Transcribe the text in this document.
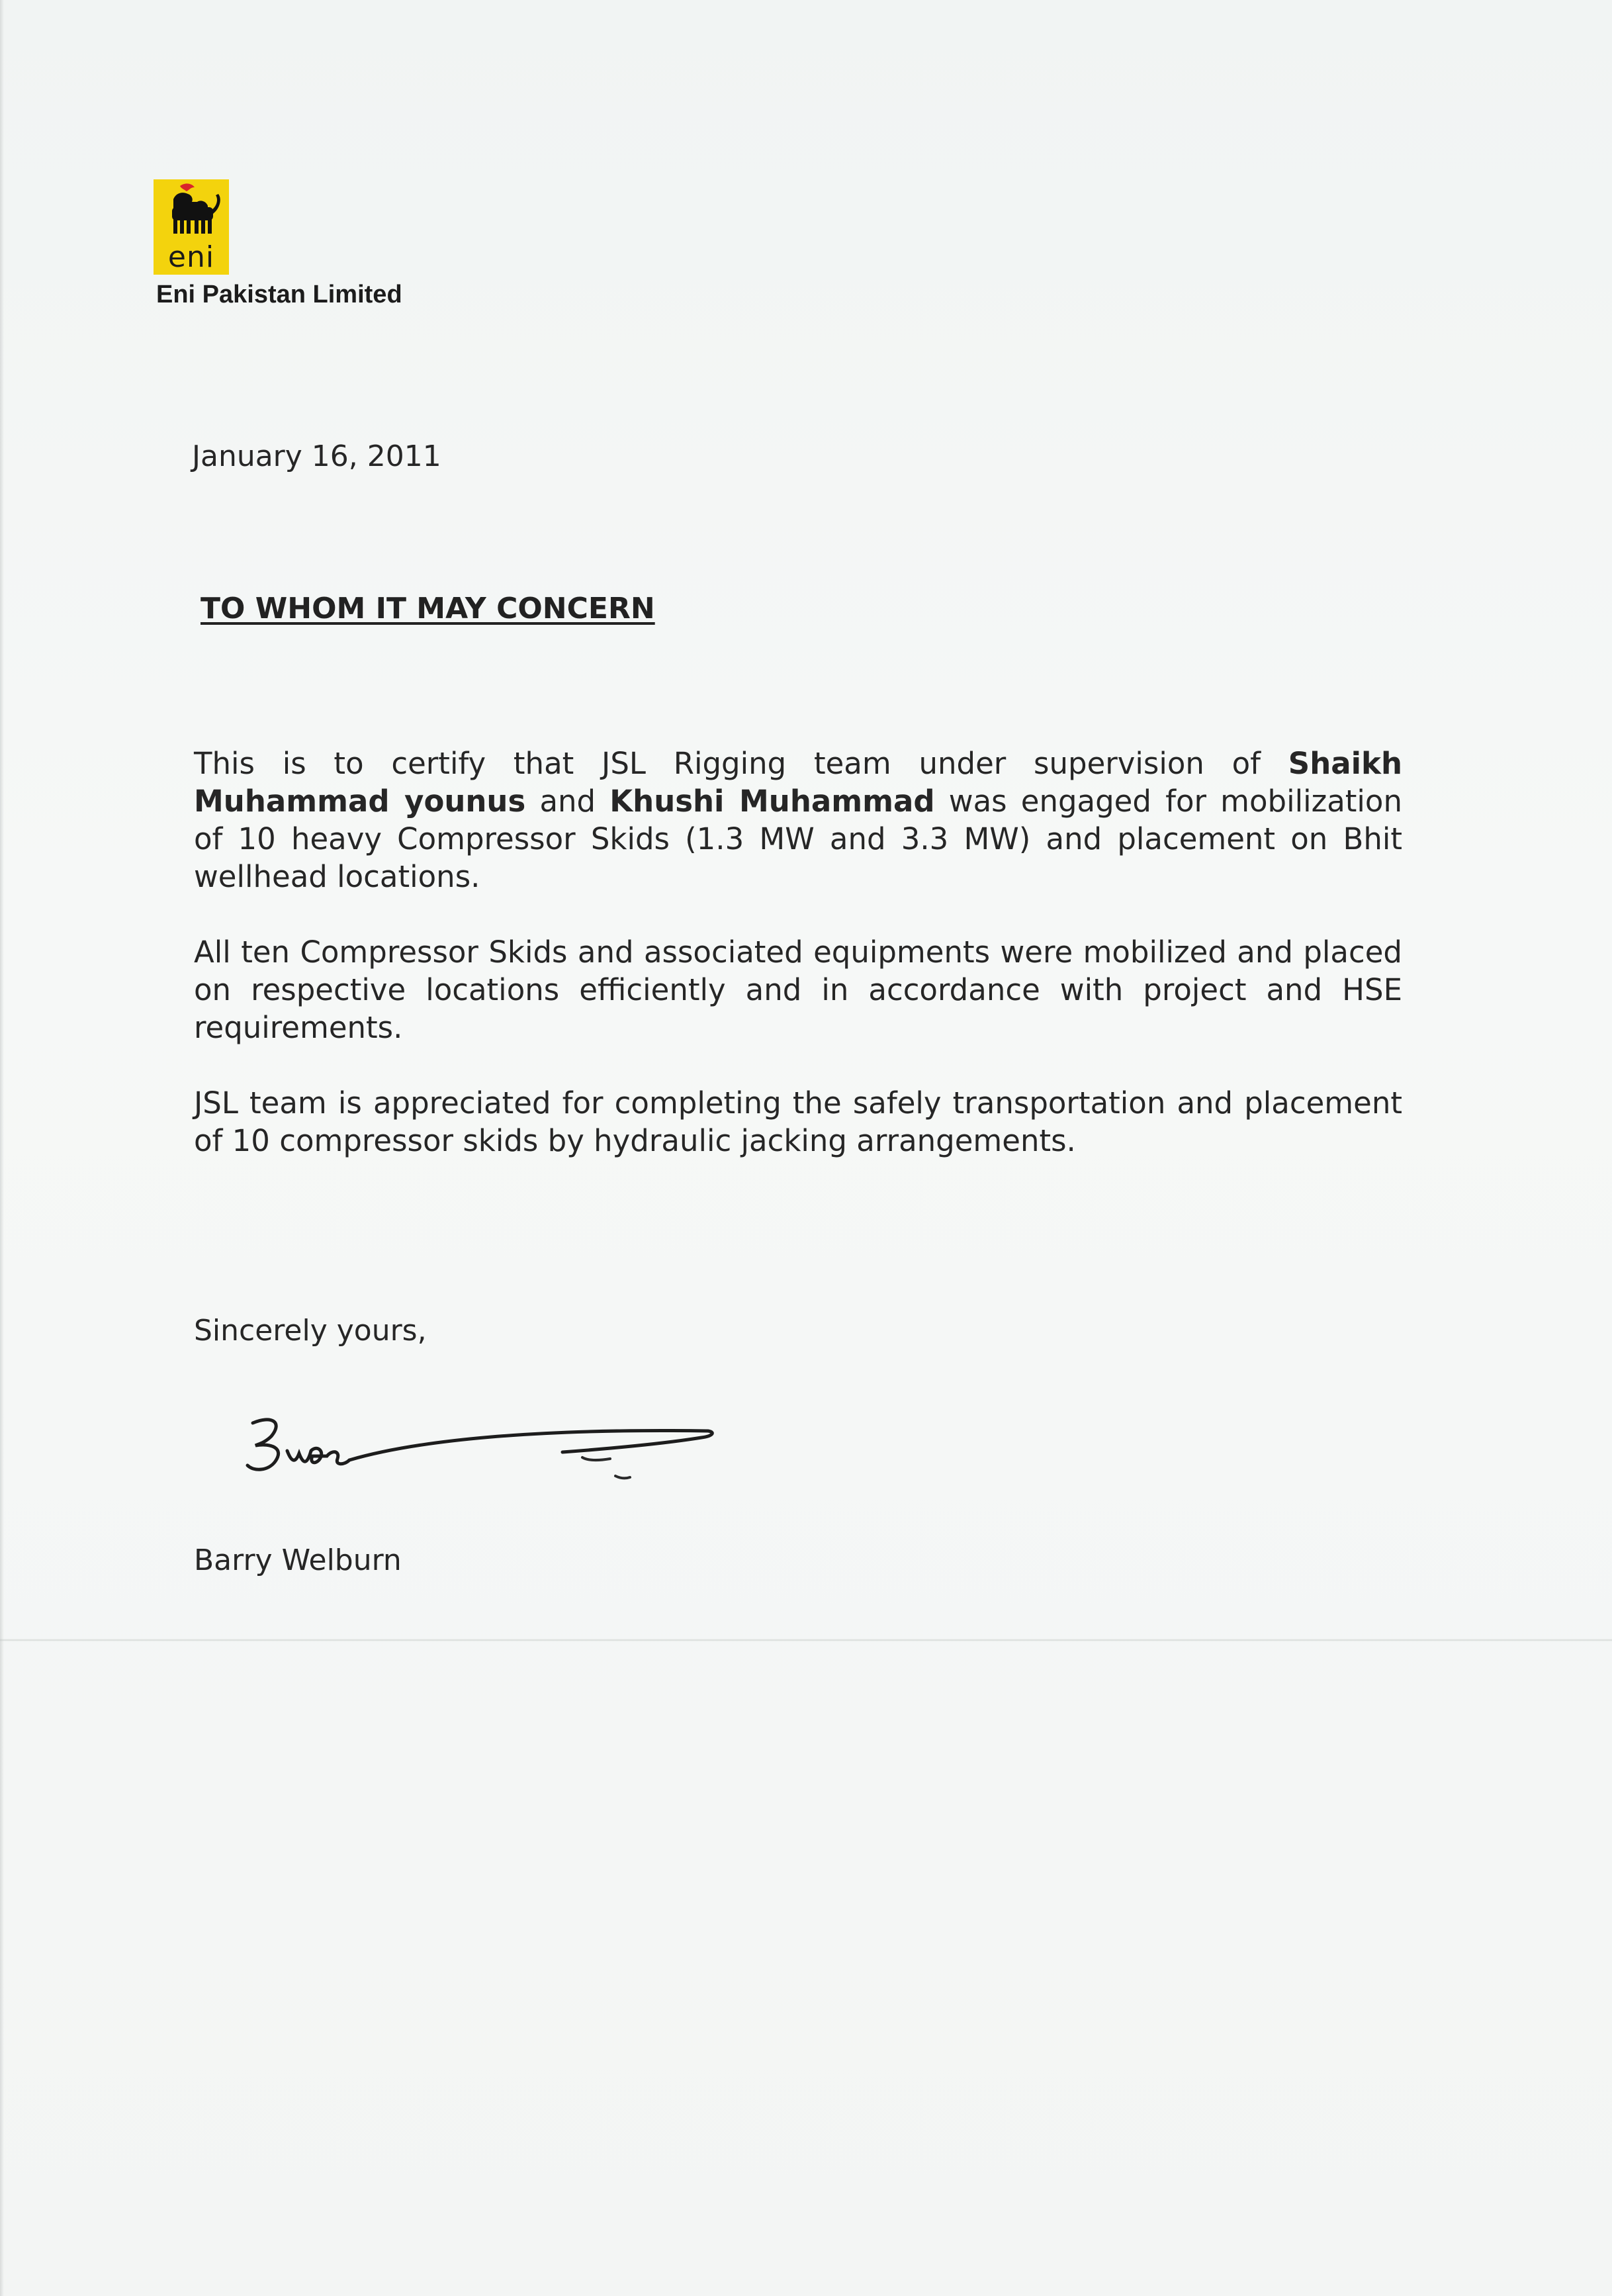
eni
Eni Pakistan Limited
January 16, 2011
TO WHOM IT MAY CONCERN

This is to certify that JSL Rigging team under supervision of Shaikh Muhammad younus and Khushi Muhammad was engaged for mobilization of 10 heavy Compressor Skids (1.3 MW and 3.3 MW) and placement on Bhit wellhead locations.

All ten Compressor Skids and associated equipments were mobilized and placed on respective locations efficiently and in accordance with project and HSE requirements.

JSL team is appreciated for completing the safely transportation and placement of 10 compressor skids by hydraulic jacking arrangements.

Sincerely yours,
Barry Welburn
